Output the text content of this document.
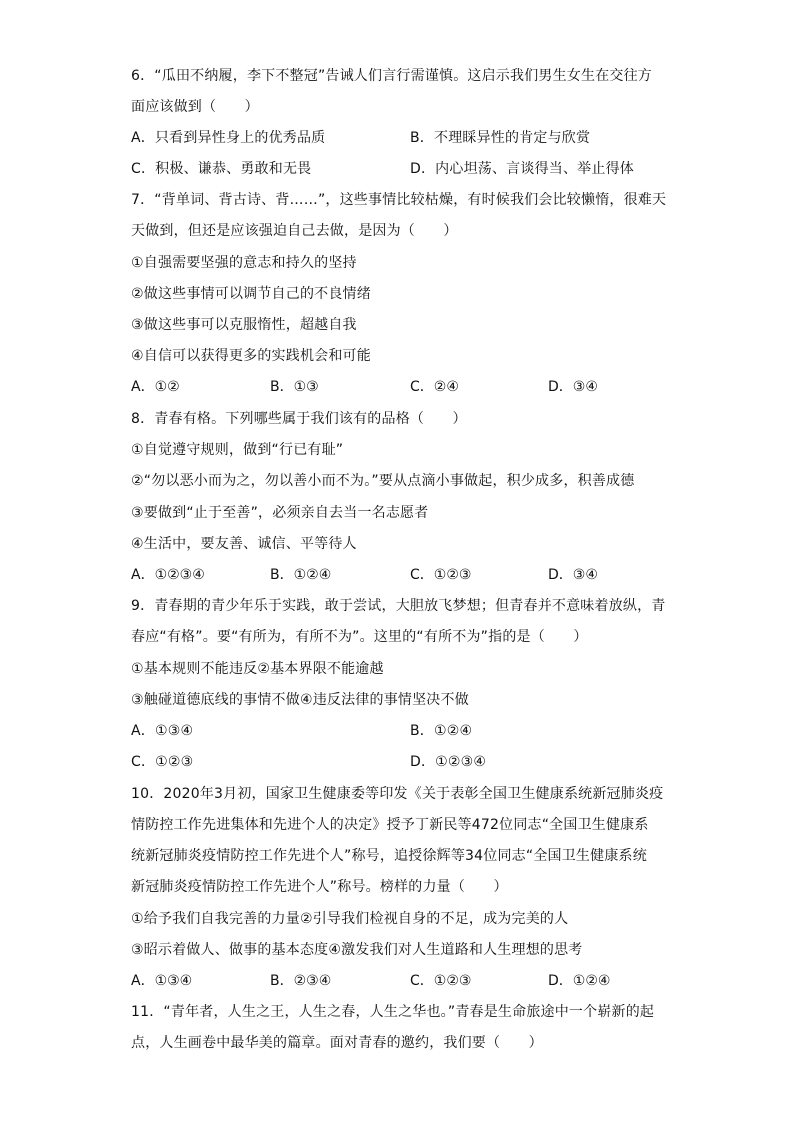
6．“瓜田不纳履，李下不整冠”告诫人们言行需谨慎。这启示我们男生女生在交往方
面应该做到（　　）
A．只看到异性身上的优秀品质	B．不理睬异性的肯定与欣赏
C．积极、谦恭、勇敢和无畏	D．内心坦荡、言谈得当、举止得体
7．“背单词、背古诗、背……”，这些事情比较枯燥，有时候我们会比较懒惰，很难天
天做到，但还是应该强迫自己去做，是因为（　　）
①自强需要坚强的意志和持久的坚持
②做这些事情可以调节自己的不良情绪
③做这些事可以克服惰性，超越自我
④自信可以获得更多的实践机会和可能
A．①②	B．①③	C．②④	D．③④
8．青春有格。下列哪些属于我们该有的品格（　　）
①自觉遵守规则，做到“行已有耻”
②“勿以恶小而为之，勿以善小而不为。”要从点滴小事做起，积少成多，积善成德
③要做到“止于至善”，必须亲自去当一名志愿者
④生活中，要友善、诚信、平等待人
A．①②③④	B．①②④	C．①②③	D．③④
9．青春期的青少年乐于实践，敢于尝试，大胆放飞梦想；但青春并不意味着放纵，青
春应“有格”。要“有所为，有所不为”。这里的“有所不为”指的是（　　）
①基本规则不能违反②基本界限不能逾越
③触碰道德底线的事情不做④违反法律的事情坚决不做
A．①③④	B．①②④
C．①②③	D．①②③④
10．2020年3月初，国家卫生健康委等印发《关于表彰全国卫生健康系统新冠肺炎疫
情防控工作先进集体和先进个人的决定》授予丁新民等472位同志“全国卫生健康系
统新冠肺炎疫情防控工作先进个人”称号，追授徐辉等34位同志“全国卫生健康系统
新冠肺炎疫情防控工作先进个人”称号。榜样的力量（　　）
①给予我们自我完善的力量②引导我们检视自身的不足，成为完美的人
③昭示着做人、做事的基本态度④激发我们对人生道路和人生理想的思考
A．①③④	B．②③④	C．①②③	D．①②④
11．“青年者，人生之王，人生之春，人生之华也。”青春是生命旅途中一个崭新的起
点，人生画卷中最华美的篇章。面对青春的邀约，我们要（　　）
